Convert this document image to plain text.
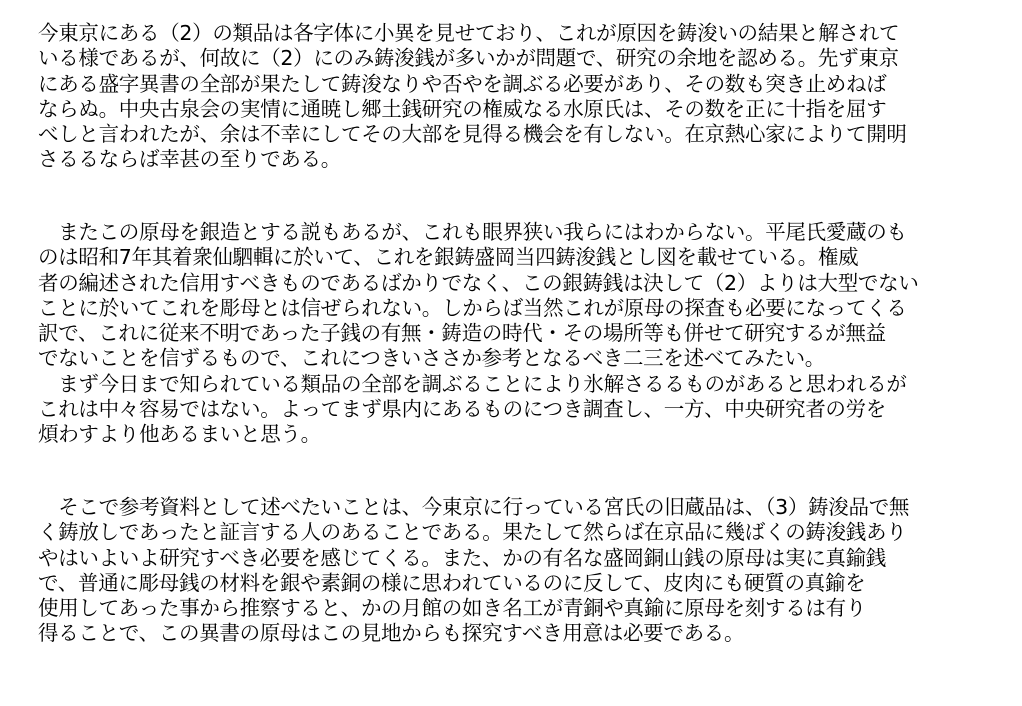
今東京にある（2）の類品は各字体に小異を見せており、これが原因を鋳浚いの結果と解されて
いる様であるが、何故に（2）にのみ鋳浚銭が多いかが問題で、研究の余地を認める。先ず東京
にある盛字異書の全部が果たして鋳浚なりや否やを調ぶる必要があり、その数も突き止めねば
ならぬ。中央古泉会の実情に通暁し郷土銭研究の権威なる水原氏は、その数を正に十指を屈す
べしと言われたが、余は不幸にしてその大部を見得る機会を有しない。在京熱心家によりて開明
さるるならば幸甚の至りである。
　またこの原母を銀造とする説もあるが、これも眼界狭い我らにはわからない。平尾氏愛蔵のも
のは昭和7年其着衆仙駟輯に於いて、これを銀鋳盛岡当四鋳浚銭とし図を載せている。権威
者の編述された信用すべきものであるばかりでなく、この銀鋳銭は決して（2）よりは大型でない
ことに於いてこれを彫母とは信ぜられない。しからば当然これが原母の探査も必要になってくる
訳で、これに従来不明であった子銭の有無・鋳造の時代・その場所等も併せて研究するが無益
でないことを信ずるもので、これにつきいささか参考となるべき二三を述べてみたい。
　まず今日まで知られている類品の全部を調ぶることにより氷解さるるものがあると思われるが
これは中々容易ではない。よってまず県内にあるものにつき調査し、一方、中央研究者の労を
煩わすより他あるまいと思う。
　そこで参考資料として述べたいことは、今東京に行っている宮氏の旧蔵品は、（3）鋳浚品で無
く鋳放しであったと証言する人のあることである。果たして然らば在京品に幾ばくの鋳浚銭あり
やはいよいよ研究すべき必要を感じてくる。また、かの有名な盛岡銅山銭の原母は実に真鍮銭
で、普通に彫母銭の材料を銀や素銅の様に思われているのに反して、皮肉にも硬質の真鍮を
使用してあった事から推察すると、かの月館の如き名工が青銅や真鍮に原母を刻するは有り
得ることで、この異書の原母はこの見地からも探究すべき用意は必要である。
